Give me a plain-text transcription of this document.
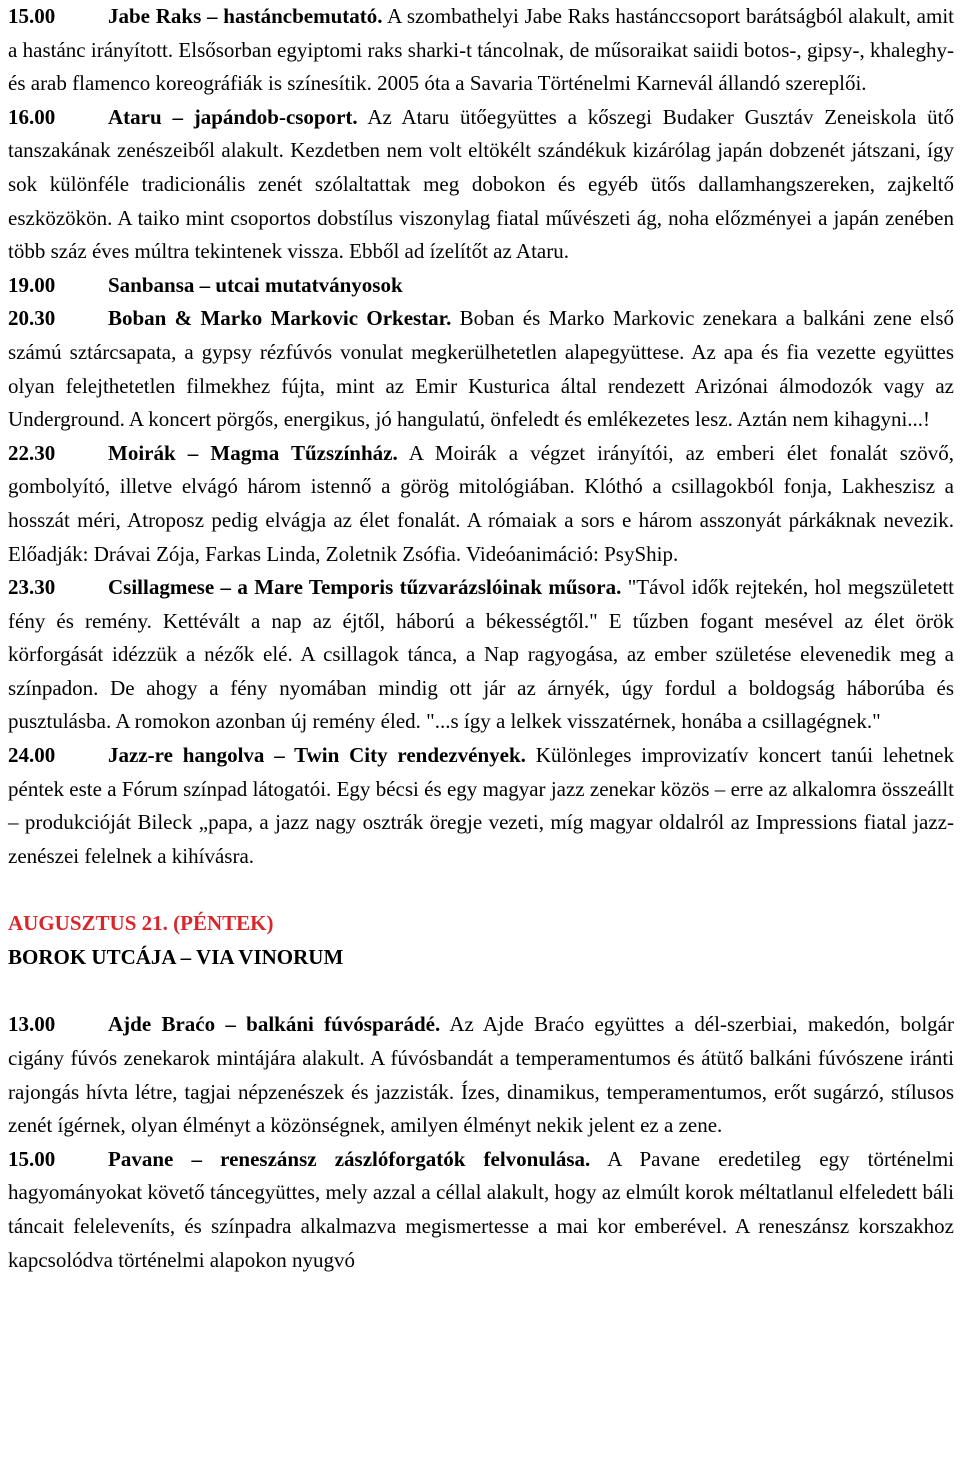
15.00	Jabe Raks – hastáncbemutató. A szombathelyi Jabe Raks hastánccsoport barátságból alakult, amit a hastánc irányított. Elsősorban egyiptomi raks sharki-t táncolnak, de műsoraikat saiidi botos-, gipsy-, khaleghy- és arab flamenco koreográfiák is színesítik. 2005 óta a Savaria Történelmi Karnevál állandó szereplői.

16.00	Ataru – japándob-csoport. Az Ataru ütőegyüttes a kőszegi Budaker Gusztáv Zeneiskola ütő tanszakának zenészeiből alakult. Kezdetben nem volt eltökélt szándékuk kizárólag japán dobzenét játszani, így sok különféle tradicionális zenét szólaltattak meg dobokon és egyéb ütős dallamhangszereken, zajkeltő eszközökön. A taiko mint csoportos dobstílus viszonylag fiatal művészeti ág, noha előzményei a japán zenében több száz éves múltra tekintenek vissza. Ebből ad ízelítőt az Ataru.

19.00	Sanbansa – utcai mutatványosok

20.30	Boban & Marko Markovic Orkestar. Boban és Marko Markovic zenekara a balkáni zene első számú sztárcsapata, a gypsy rézfúvós vonulat megkerülhetetlen alapegyüttese. Az apa és fia vezette együttes olyan felejthetetlen filmekhez fújta, mint az Emir Kusturica által rendezett Arizónai álmodozók vagy az Underground. A koncert pörgős, energikus, jó hangulatú, önfeledt és emlékezetes lesz. Aztán nem kihagyni...!

22.30	Moirák – Magma Tűzszínház. A Moirák a végzet irányítói, az emberi élet fonalát szövő, gombolyító, illetve elvágó három istennő a görög mitológiában. Klóthó a csillagokból fonja, Lakheszisz a hosszát méri, Atroposz pedig elvágja az élet fonalát. A rómaiak a sors e három asszonyát párkáknak nevezik. Előadják: Drávai Zója, Farkas Linda, Zoletnik Zsófia. Videóanimáció: PsyShip.

23.30	Csillagmese – a Mare Temporis tűzvarázslóinak műsora. "Távol idők rejtekén, hol megszületett fény és remény. Kettévált a nap az éjtől, háború a békességtől." E tűzben fogant mesével az élet örök körforgását idézzük a nézők elé. A csillagok tánca, a Nap ragyogása, az ember születése elevenedik meg a színpadon. De ahogy a fény nyomában mindig ott jár az árnyék, úgy fordul a boldogság háborúba és pusztulásba. A romokon azonban új remény éled. "...s így a lelkek visszatérnek, honába a csillagégnek."

24.00	Jazz-re hangolva – Twin City rendezvények. Különleges improvizatív koncert tanúi lehetnek péntek este a Fórum színpad látogatói. Egy bécsi és egy magyar jazz zenekar közös – erre az alkalomra összeállt – produkcióját Bileck „papa, a jazz nagy osztrák öregje vezeti, míg magyar oldalról az Impressions fiatal jazz-zenészei felelnek a kihívásra.

AUGUSZTUS 21. (PÉNTEK)
BOROK UTCÁJA – VIA VINORUM

13.00	Ajde Braćo – balkáni fúvósparádé. Az Ajde Braćo együttes a dél-szerbiai, makedón, bolgár cigány fúvós zenekarok mintájára alakult. A fúvósbandát a temperamentumos és átütő balkáni fúvószene iránti rajongás hívta létre, tagjai népzenészek és jazzisták. Ízes, dinamikus, temperamentumos, erőt sugárzó, stílusos zenét ígérnek, olyan élményt a közönségnek, amilyen élményt nekik jelent ez a zene.

15.00	Pavane – reneszánsz zászlóforgatók felvonulása. A Pavane eredetileg egy történelmi hagyományokat követő táncegyüttes, mely azzal a céllal alakult, hogy az elmúlt korok méltatlanul elfeledett báli táncait feleleveníts, és színpadra alkalmazva megismertesse a mai kor emberével. A reneszánsz korszakhoz kapcsolódva történelmi alapokon nyugvó
